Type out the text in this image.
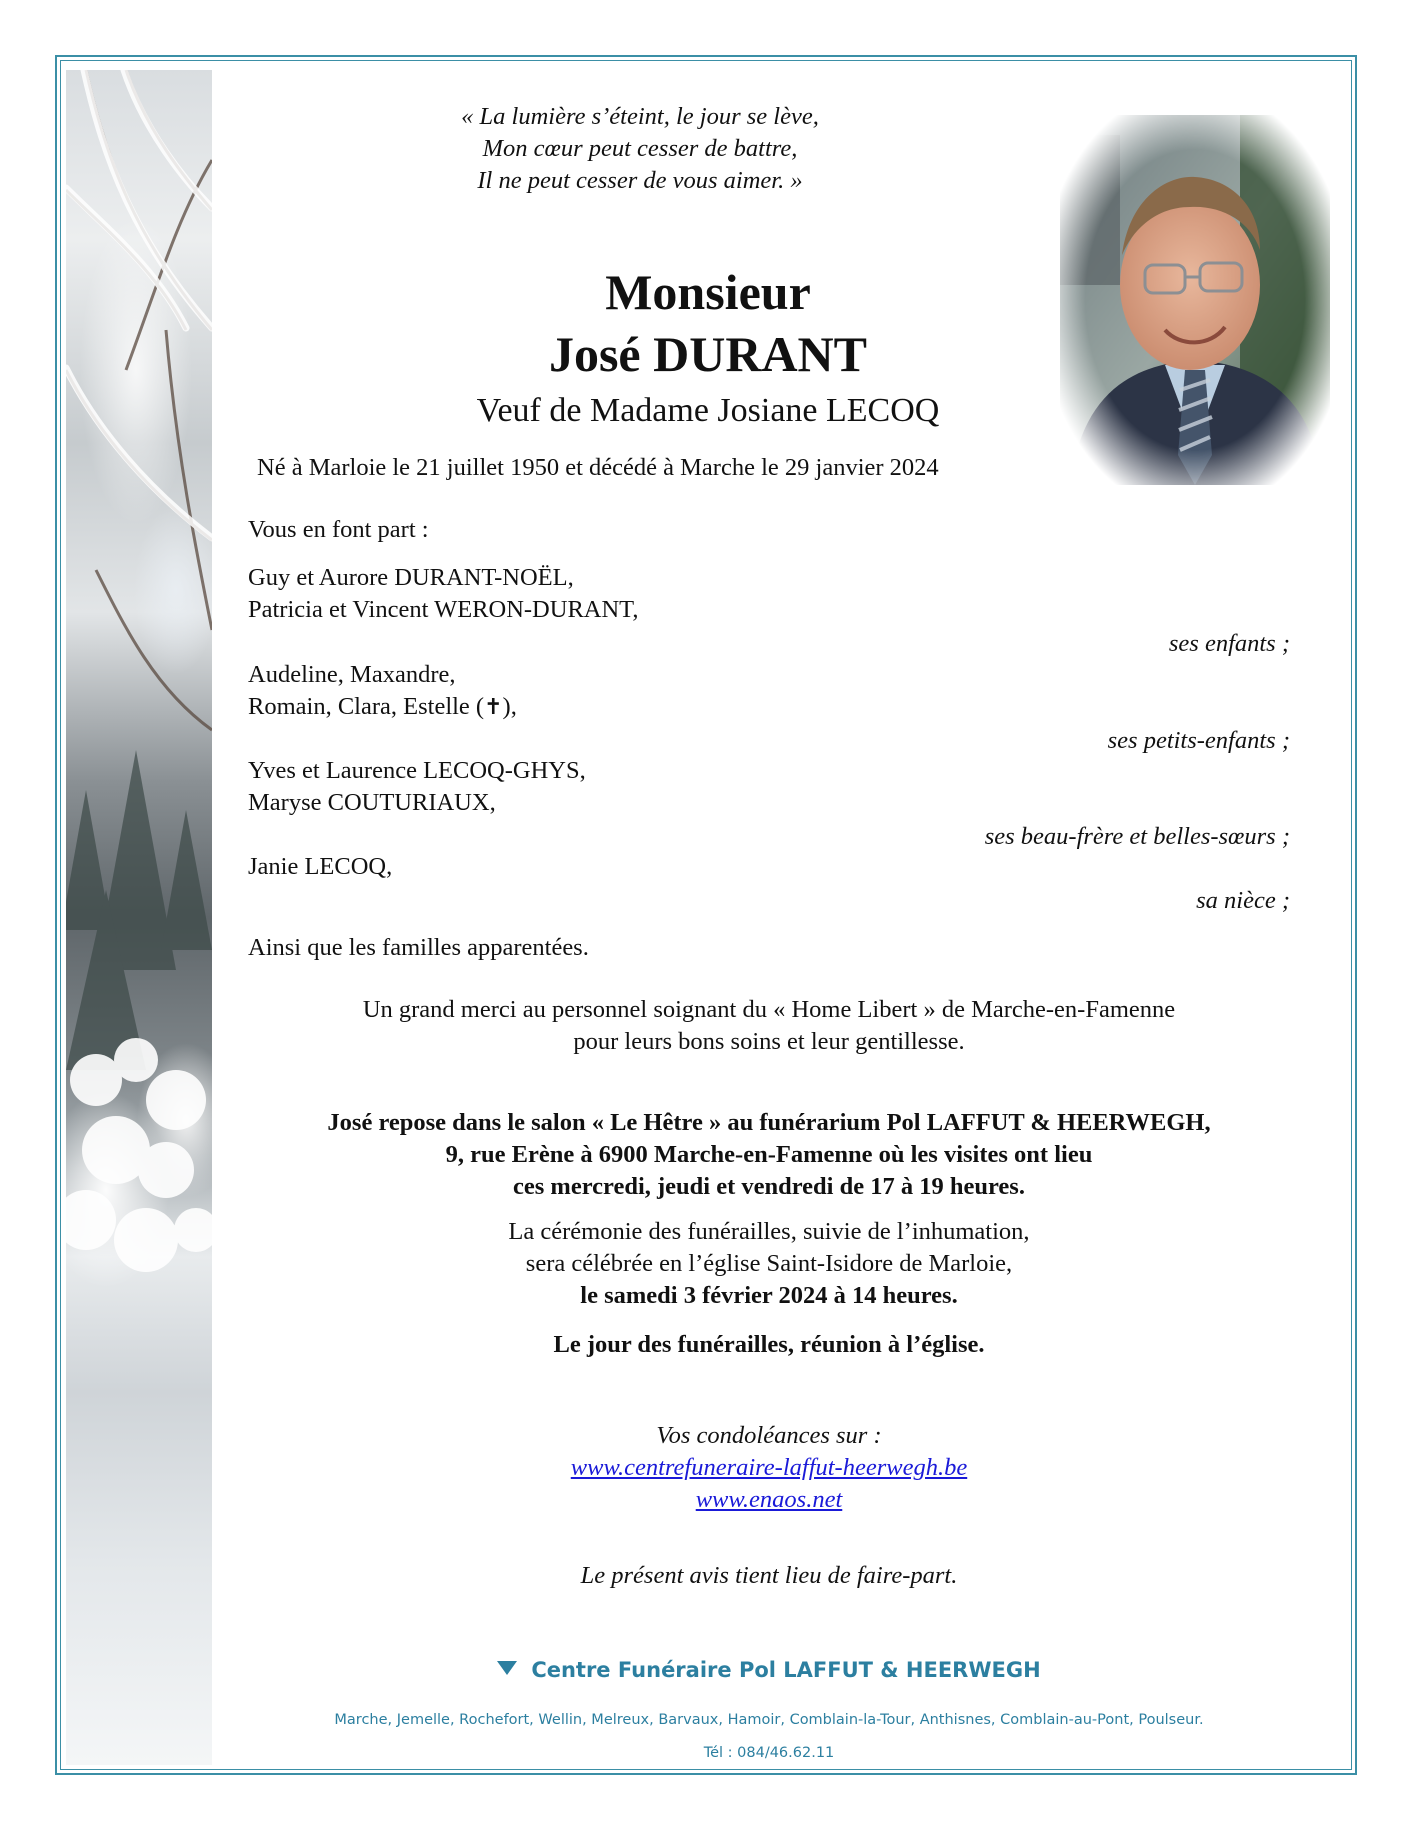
« La lumière s’éteint, le jour se lève,
Mon cœur peut cesser de battre,
Il ne peut cesser de vous aimer. »
Monsieur
José DURANT
Veuf de Madame Josiane LECOQ
Né à Marloie le 21 juillet 1950 et décédé à Marche le 29 janvier 2024
Vous en font part :
Guy et Aurore DURANT-NOËL,
Patricia et Vincent WERON-DURANT,
ses enfants ;
Audeline, Maxandre,
Romain, Clara, Estelle (✝),
ses petits-enfants ;
Yves et Laurence LECOQ-GHYS,
Maryse COUTURIAUX,
ses beau-frère et belles-sœurs ;
Janie LECOQ,
sa nièce ;
Ainsi que les familles apparentées.
Un grand merci au personnel soignant du « Home Libert » de Marche-en-Famenne
pour leurs bons soins et leur gentillesse.
José repose dans le salon « Le Hêtre » au funérarium Pol LAFFUT & HEERWEGH,
9, rue Erène à 6900 Marche-en-Famenne où les visites ont lieu
ces mercredi, jeudi et vendredi de 17 à 19 heures.
La cérémonie des funérailles, suivie de l’inhumation,
sera célébrée en l’église Saint-Isidore de Marloie,
le samedi 3 février 2024 à 14 heures.
Le jour des funérailles, réunion à l’église.
Vos condoléances sur :
www.centrefuneraire-laffut-heerwegh.be
www.enaos.net
Le présent avis tient lieu de faire-part.
Centre Funéraire Pol LAFFUT & HEERWEGH
Marche, Jemelle, Rochefort, Wellin, Melreux, Barvaux, Hamoir, Comblain-la-Tour, Anthisnes, Comblain-au-Pont, Poulseur.
Tél : 084/46.62.11
